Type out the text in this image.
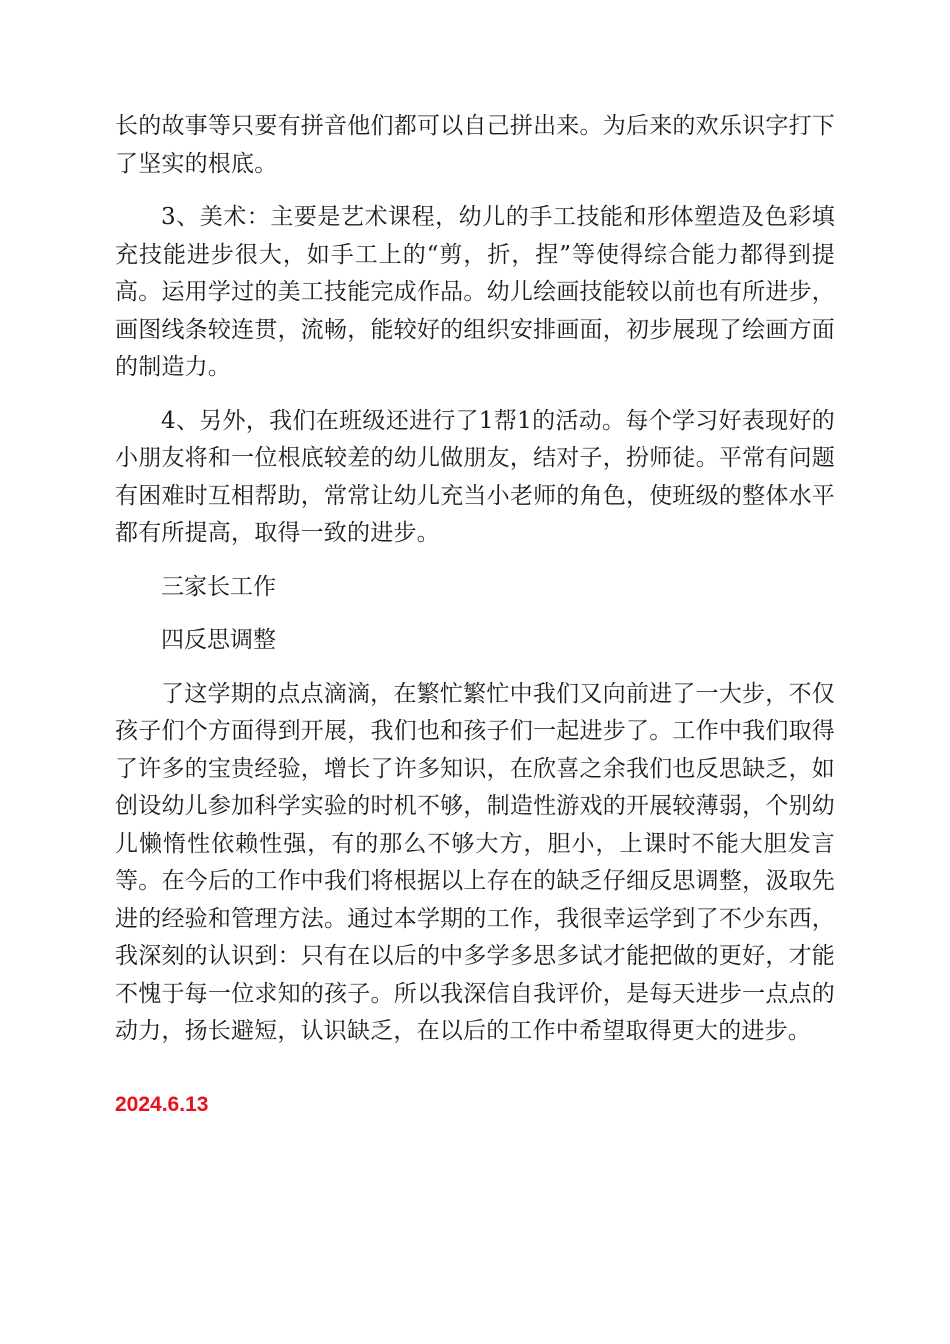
长的故事等只要有拼音他们都可以自己拼出来。为后来的欢乐识字打下了坚实的根底。

3、美术：主要是艺术课程，幼儿的手工技能和形体塑造及色彩填充技能进步很大，如手工上的“剪，折，捏”等使得综合能力都得到提高。运用学过的美工技能完成作品。幼儿绘画技能较以前也有所进步，画图线条较连贯，流畅，能较好的组织安排画面，初步展现了绘画方面的制造力。

4、另外，我们在班级还进行了1帮1的活动。每个学习好表现好的小朋友将和一位根底较差的幼儿做朋友，结对子，扮师徒。平常有问题有困难时互相帮助，常常让幼儿充当小老师的角色，使班级的整体水平都有所提高，取得一致的进步。

三家长工作

四反思调整

了这学期的点点滴滴，在繁忙繁忙中我们又向前进了一大步，不仅孩子们个方面得到开展，我们也和孩子们一起进步了。工作中我们取得了许多的宝贵经验，增长了许多知识，在欣喜之余我们也反思缺乏，如创设幼儿参加科学实验的时机不够，制造性游戏的开展较薄弱，个别幼儿懒惰性依赖性强，有的那么不够大方，胆小，上课时不能大胆发言等。在今后的工作中我们将根据以上存在的缺乏仔细反思调整，汲取先进的经验和管理方法。通过本学期的工作，我很幸运学到了不少东西，我深刻的认识到：只有在以后的中多学多思多试才能把做的更好，才能不愧于每一位求知的孩子。所以我深信自我评价，是每天进步一点点的动力，扬长避短，认识缺乏，在以后的工作中希望取得更大的进步。

2024.6.13
